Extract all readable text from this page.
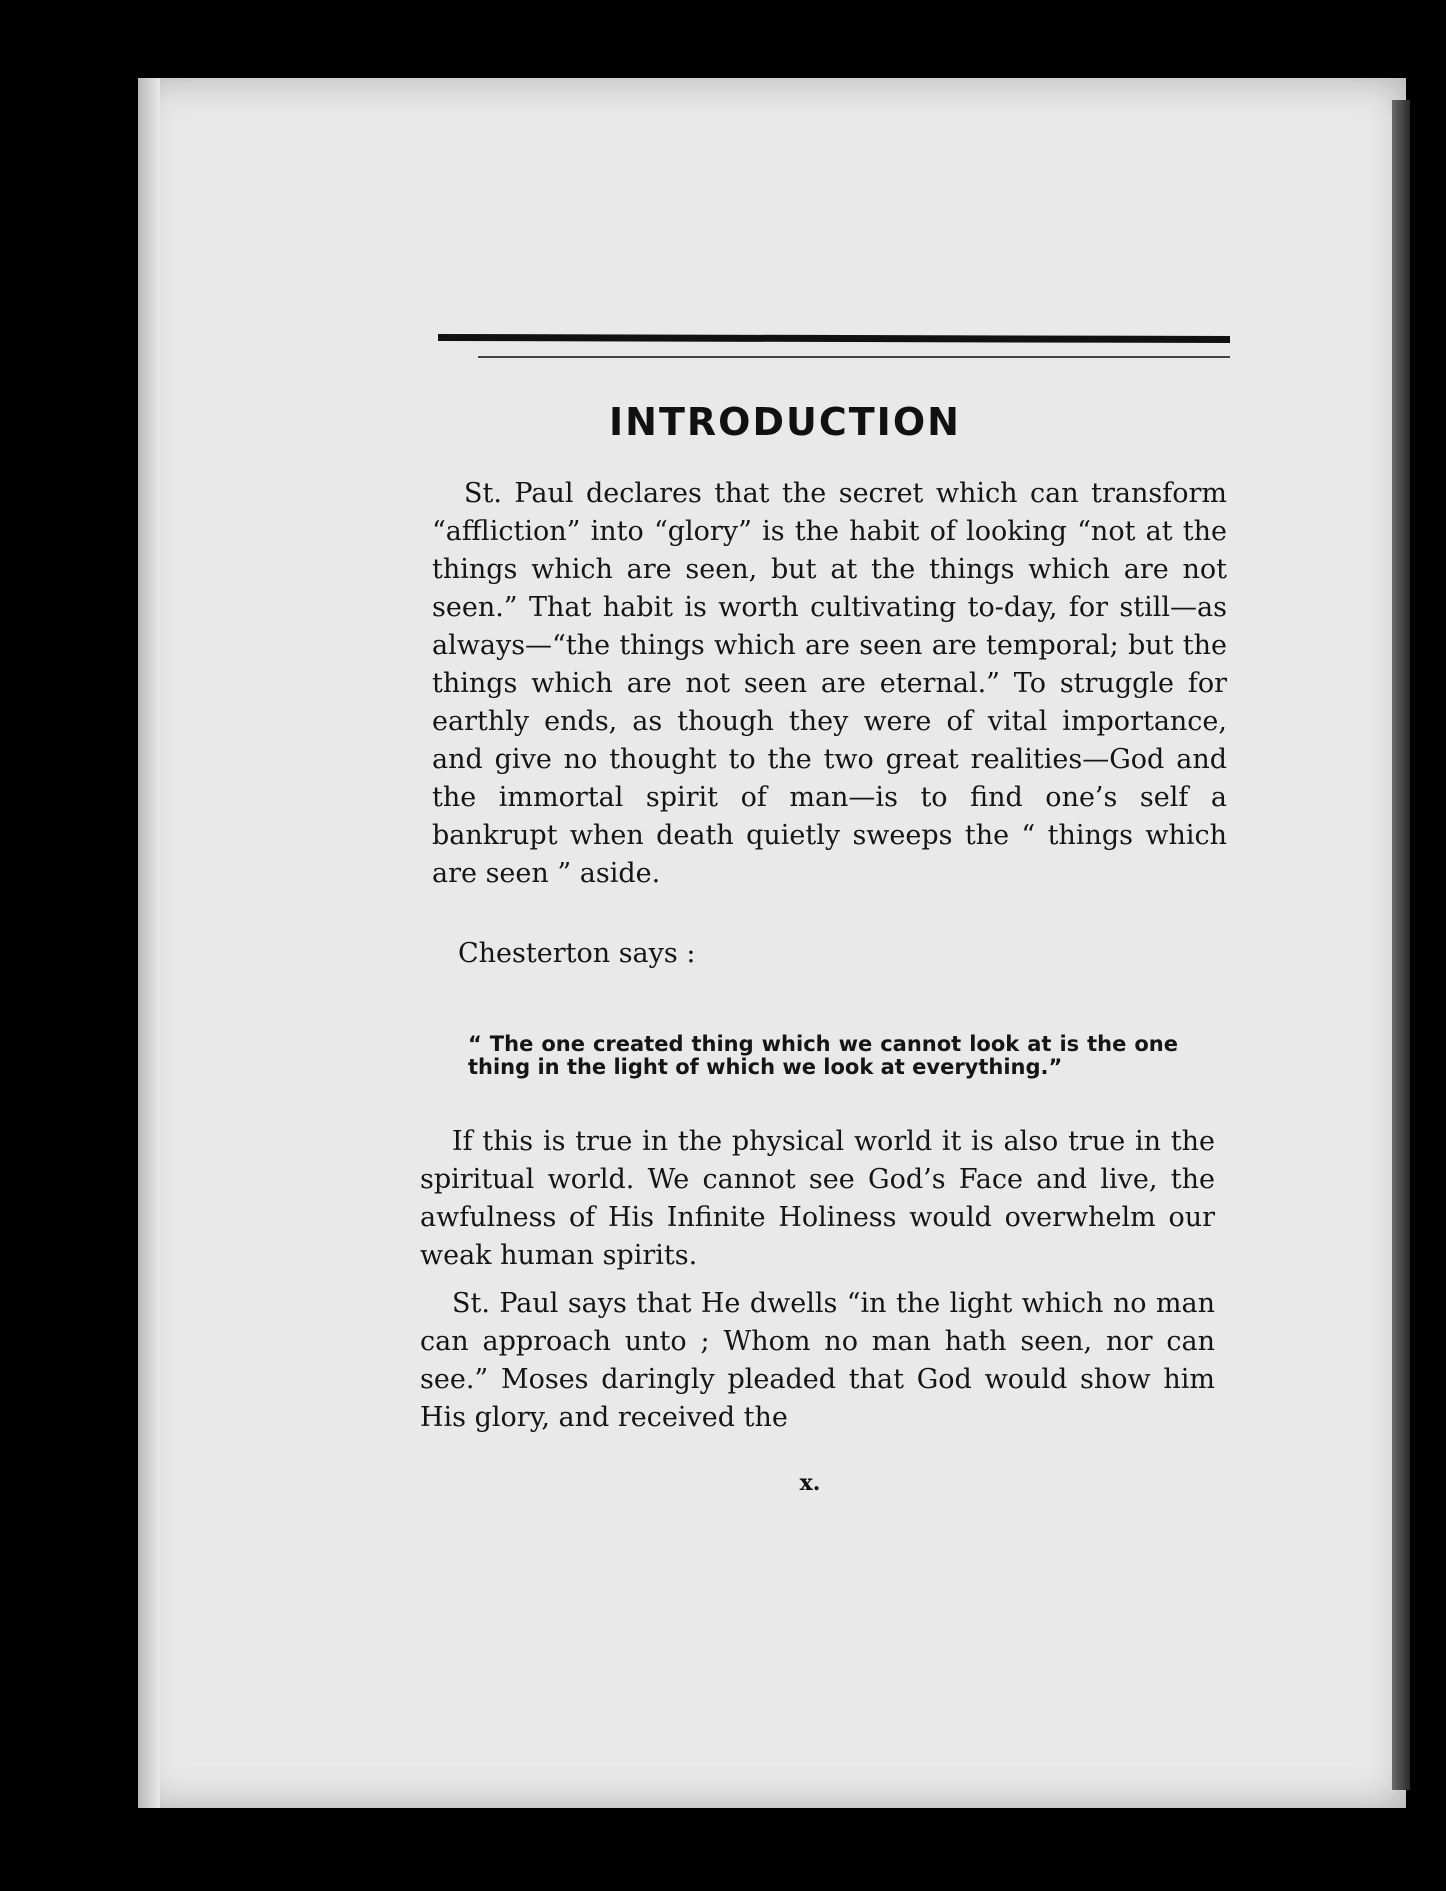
INTRODUCTION

St. Paul declares that the secret which can transform “affliction” into “glory” is the habit of looking “not at the things which are seen, but at the things which are not seen.” That habit is worth cultivating to-day, for still—as always—“the things which are seen are temporal; but the things which are not seen are eternal.” To struggle for earthly ends, as though they were of vital importance, and give no thought to the two great realities—God and the immortal spirit of man—is to find one’s self a bankrupt when death quietly sweeps the “ things which are seen ” aside.

Chesterton says :

“ The one created thing which we cannot look at is the one thing in the light of which we look at everything.”

If this is true in the physical world it is also true in the spiritual world. We cannot see God’s Face and live, the awfulness of His Infinite Holiness would overwhelm our weak human spirits.

St. Paul says that He dwells “in the light which no man can approach unto ; Whom no man hath seen, nor can see.” Moses daringly pleaded that God would show him His glory, and received the

x.
